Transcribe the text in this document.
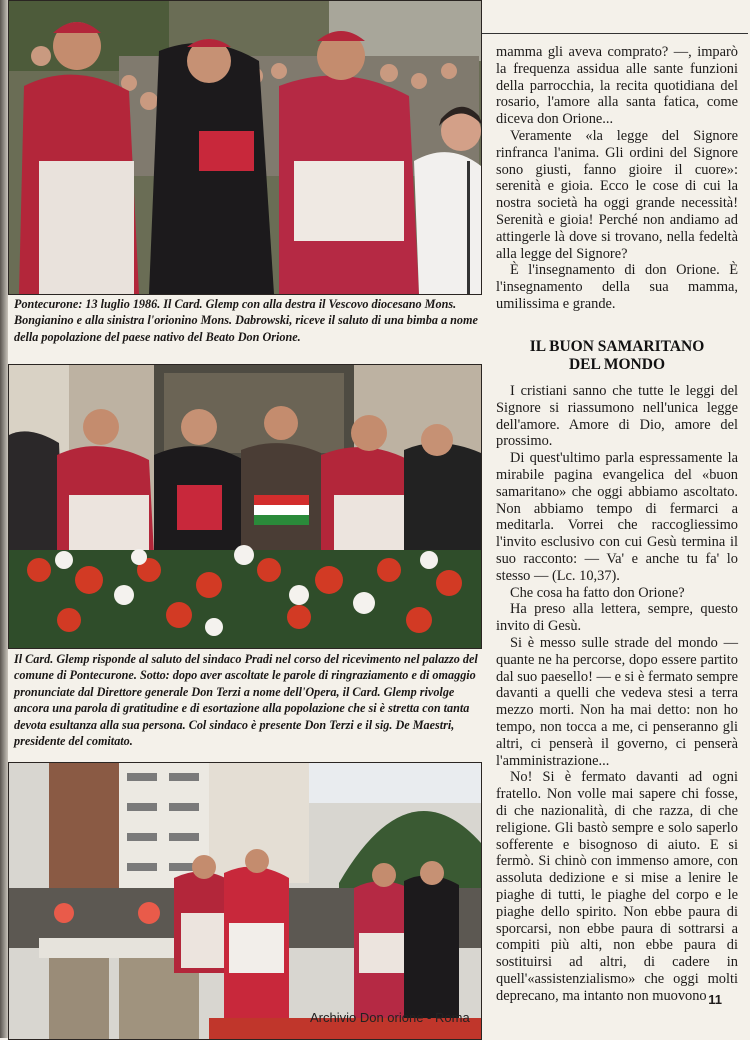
Pontecurone: 13 luglio 1986. Il Card. Glemp con alla destra il Vescovo diocesano Mons. Bongianino e alla sinistra l'orionino Mons. Dabrowski, riceve il saluto di una bimba a nome della popolazione del paese nativo del Beato Don Orione.

Il Card. Glemp risponde al saluto del sindaco Pradi nel corso del ricevimento nel palazzo del comune di Pontecurone. Sotto: dopo aver ascoltate le parole di ringraziamento e di omaggio pronunciate dal Direttore generale Don Terzi a nome dell'Opera, il Card. Glemp rivolge ancora una parola di gratitudine e di esortazione alla popolazione che si è stretta con tanta devota esultanza alla sua persona. Col sindaco è presente Don Terzi e il sig. De Maestri, presidente del comitato.

mamma gli aveva comprato? —, imparò la frequenza assidua alle sante funzioni della parrocchia, la recita quotidiana del rosario, l'amore alla santa fatica, come diceva don Orione...

Veramente «la legge del Signore rinfranca l'anima. Gli ordini del Signore sono giusti, fanno gioire il cuore»: serenità e gioia. Ecco le cose di cui la nostra società ha oggi grande necessità! Serenità e gioia! Perché non andiamo ad attingerle là dove si trovano, nella fedeltà alla legge del Signore?

È l'insegnamento di don Orione. È l'insegnamento della sua mamma, umilissima e grande.

IL BUON SAMARITANO
DEL MONDO

I cristiani sanno che tutte le leggi del Signore si riassumono nell'unica legge dell'amore. Amore di Dio, amore del prossimo.

Di quest'ultimo parla espressamente la mirabile pagina evangelica del «buon samaritano» che oggi abbiamo ascoltato. Non abbiamo tempo di fermarci a meditarla. Vorrei che raccogliessimo l'invito esclusivo con cui Gesù termina il suo racconto: — Va' e anche tu fa' lo stesso — (Lc. 10,37).

Che cosa ha fatto don Orione?

Ha preso alla lettera, sempre, questo invito di Gesù.

Si è messo sulle strade del mondo — quante ne ha percorse, dopo essere partito dal suo paesello! — e si è fermato sempre davanti a quelli che vedeva stesi a terra mezzo morti. Non ha mai detto: non ho tempo, non tocca a me, ci penseranno gli altri, ci penserà il governo, ci penserà l'amministrazione...

No! Si è fermato davanti ad ogni fratello. Non volle mai sapere chi fosse, di che nazionalità, di che razza, di che religione. Gli bastò sempre e solo saperlo sofferente e bisognoso di aiuto. E si fermò. Si chinò con immenso amore, con assoluta dedizione e si mise a lenire le piaghe di tutti, le piaghe del corpo e le piaghe dello spirito. Non ebbe paura di sporcarsi, non ebbe paura di sottrarsi a compiti più alti, non ebbe paura di sostituirsi ad altri, di cadere in quell'«assistenzialismo» che oggi molti deprecano, ma intanto non muovono 11
Archivio Don orione - Roma
